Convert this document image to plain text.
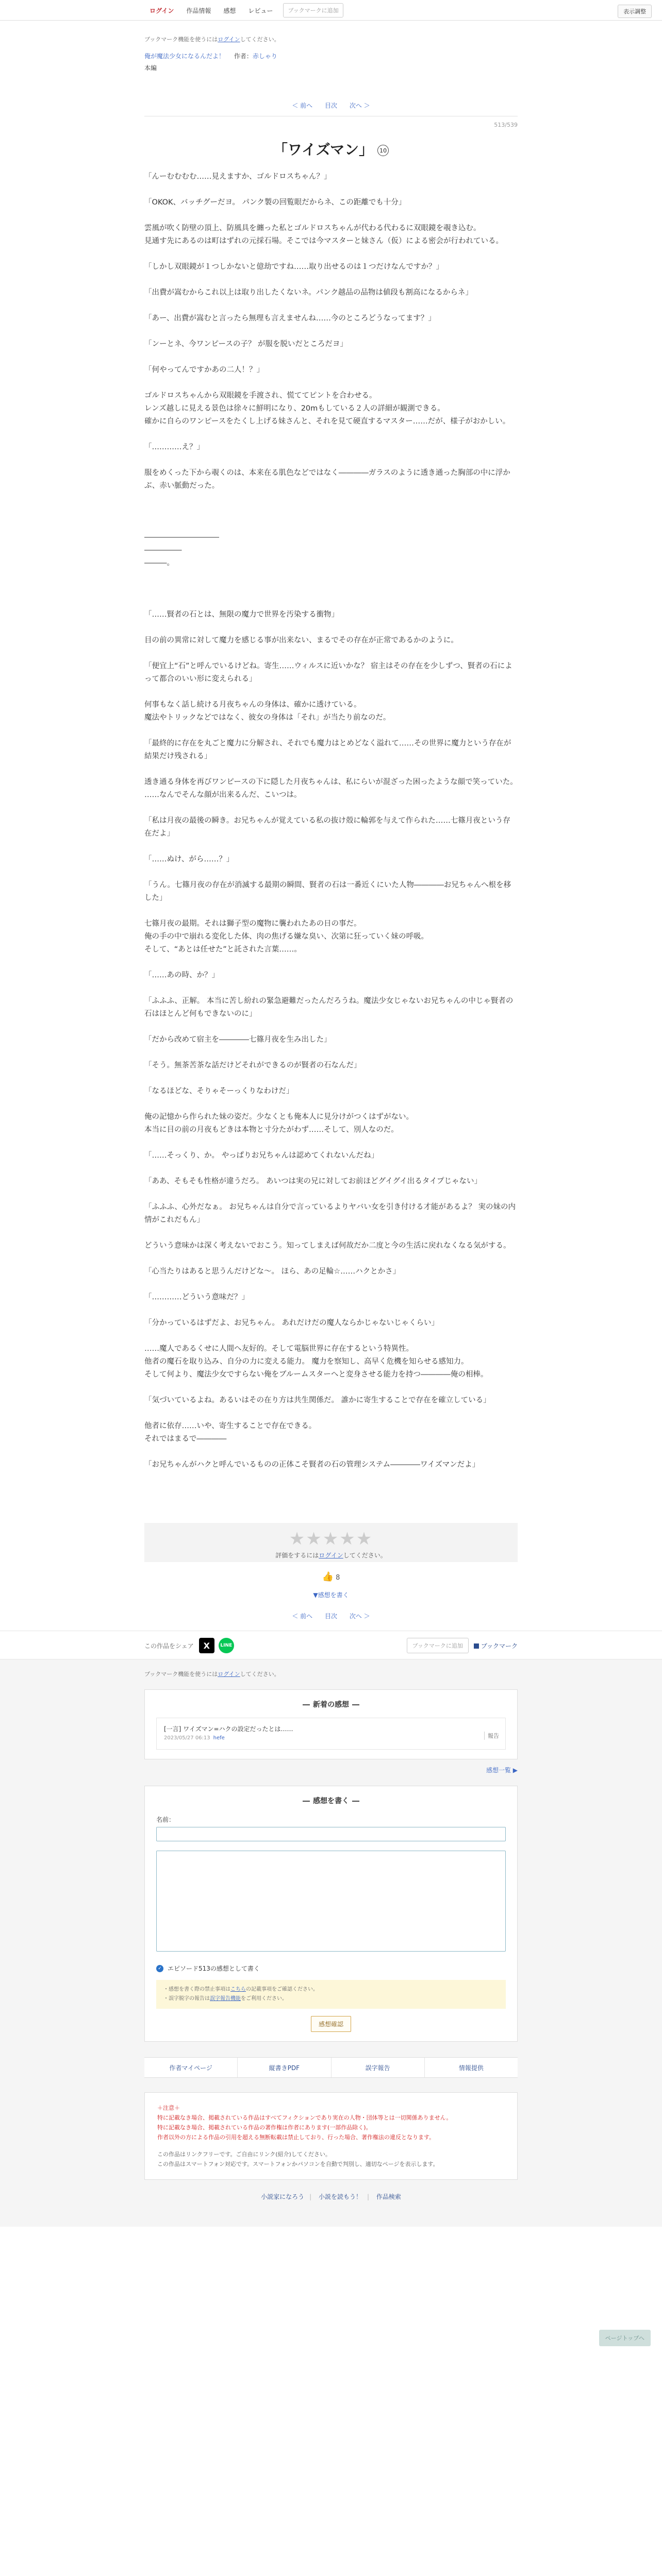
ログイン	作品情報	感想	レビュー	ブックマークに追加	表示調整
ブックマーク機能を使うにはログインしてください。
俺が魔法少女になるんだよ！ 作者：赤しゃり
本編
＜ 前へ 目次 次へ ＞
513/539
「ワイズマン」 10

「んーむむむむ……見えますか、ゴルドロスちゃん？」

「OKOK、バッチグーだヨ。 パンク製の回覧眼だからネ、この距離でも十分」

雲風が吹く防壁の頂上、防風具を纏った私とゴルドロスちゃんが代わる代わるに双眼鏡を覗き込む。

見通す先にあるのは町はずれの元採石場。そこでは今マスターと妹さん（仮）による密会が行われている。

「しかし双眼鏡が１つしかないと億劫ですね……取り出せるのは１つだけなんですか？」

「出費が嵩むからこれ以上は取り出したくないネ。パンク越品の品物は値段も割高になるからネ」

「あー、出費が嵩むと言ったら無理も言えませんね……今のところどうなってます？」

「ンーとネ、今ワンピースの子？ が服を脱いだところだヨ」

「何やってんですかあの二人！？」

ゴルドロスちゃんから双眼鏡を手渡され、慌ててピントを合わせる。

レンズ越しに見える景色は徐々に鮮明になり、20mもしている２人の詳細が観測できる。

確かに自らのワンピースをたくし上げる妹さんと、それを見て硬直するマスター……だが、様子がおかしい。

「…………え？」

服をめくった下から覗くのは、本来在る肌色などではなく――――ガラスのように透き通った胸部の中に浮かぶ、赤い脈動だった。

――――――――――

―――――

―――。

「……賢者の石とは、無限の魔力で世界を汚染する衝物」

目の前の異常に対して魔力を感じる事が出来ない、まるでその存在が正常であるかのように。

「便宜上“石”と呼んでいるけどね。寄生……ウィルスに近いかな？ 宿主はその存在を少しずつ、賢者の石によって都合のいい形に変えられる」

何事もなく話し続ける月夜ちゃんの身体は、確かに透けている。

魔法やトリックなどではなく、彼女の身体は「それ」が当たり前なのだ。

「最終的に存在を丸ごと魔力に分解され、それでも魔力はとめどなく溢れて……その世界に魔力という存在が結果だけ残される」

透き通る身体を再びワンピースの下に隠した月夜ちゃんは、私にらいが混ざった困ったような顔で笑っていた。

……なんでそんな顔が出来るんだ、こいつは。

「私は月夜の最後の瞬き。お兄ちゃんが覚えている私の抜け殻に輪郭を与えて作られた……七篠月夜という存在だよ」

「……ぬけ、がら……？」

「うん。七篠月夜の存在が消滅する最期の瞬間、賢者の石は一番近くにいた人物――――お兄ちゃんへ根を移した」

七篠月夜の最期。それは獅子型の魔物に襲われたあの日の事だ。

俺の手の中で崩れる変化した体、肉の焦げる嫌な臭い、次第に狂っていく妹の呼吸。

そして、“あとは任せた”と託された言葉……。

「……あの時、か？」

「ふふふ、正解。 本当に苦し紛れの緊急避難だったんだろうね。魔法少女じゃないお兄ちゃんの中じゃ賢者の石はほとんど何もできないのに」

「だから改めて宿主を――――七篠月夜を生み出した」

「そう。無茶苦茶な話だけどそれができるのが賢者の石なんだ」

「なるほどな、そりゃそーっくりなわけだ」

俺の記憶から作られた妹の姿だ。少なくとも俺本人に見分けがつくはずがない。

本当に目の前の月夜もどきは本物と寸分たがわず……そして、別人なのだ。

「……そっくり、か。 やっぱりお兄ちゃんは認めてくれないんだね」

「ああ、そもそも性格が違うだろ。 あいつは実の兄に対してお前ほどグイグイ出るタイプじゃない」

「ふふふ、心外だなぁ。 お兄ちゃんは自分で言っているよりヤバい女を引き付ける才能があるよ？ 実の妹の内情がこれだもん」

どういう意味かは深く考えないでおこう。知ってしまえば何故だか二度と今の生活に戻れなくなる気がする。

「心当たりはあると思うんだけどな～。 ほら、あの足輪☆……ハクとかさ」

「…………どういう意味だ？」

「分かっているはずだよ、お兄ちゃん。 あれだけだの魔人ならかじゃないじゃくらい」

……魔人であるくせに人間へ友好的。そして電脳世界に存在するという特異性。

他者の魔石を取り込み、自分の力に変える能力。 魔力を察知し、高早く危機を知らせる感知力。

そして何より、魔法少女ですらない俺をブルームスターへと変身させる能力を持つ――――俺の相棒。

「気づいているよね。あるいはその在り方は共生関係だ。 誰かに寄生することで存在を確立している」

他者に依存……いや、寄生することで存在できる。

それではまるで――――

「お兄ちゃんがハクと呼んでいるものの正体こそ賢者の石の管理システム――――ワイズマンだよ」

★★★★★
評価をするにはログインしてください。
👍 8
▼感想を書く
＜ 前へ 目次 次へ ＞
ページトップへ
この作品をシェア	X	LINE	ブックマークに追加	ブックマーク
ブックマーク機能を使うにはログインしてください。
― 新着の感想 ―
[一言] ワイズマン=ハクの設定だったとは……
2023/05/27 06:13 hefe	報告
感想一覧 ▶
― 感想を書く ―
名前：

✓ エピソード513の感想として書く
・感想を書く際の禁止事項はこちらの記載事項をご確認ください。
・誤字脱字の報告は誤字報告機能をご利用ください。
感想確認
作者マイページ	縦書きPDF	誤字報告	情報提供
＋注意＋
特に記載なき場合、掲載されている作品はすべてフィクションであり実在の人物・団体等とは一切関係ありません。
特に記載なき場合、掲載されている作品の著作権は作者にあります(一部作品除く)。
作者以外の方による作品の引用を超える無断転載は禁止しており、行った場合、著作権法の違反となります。
この作品はリンクフリーです。ご自由にリンク(紹介)してください。
この作品はスマートフォン対応です。スマートフォンかパソコンを自動で判別し、適切なページを表示します。
小説家になろう | 小説を読もう！ | 作品検索
